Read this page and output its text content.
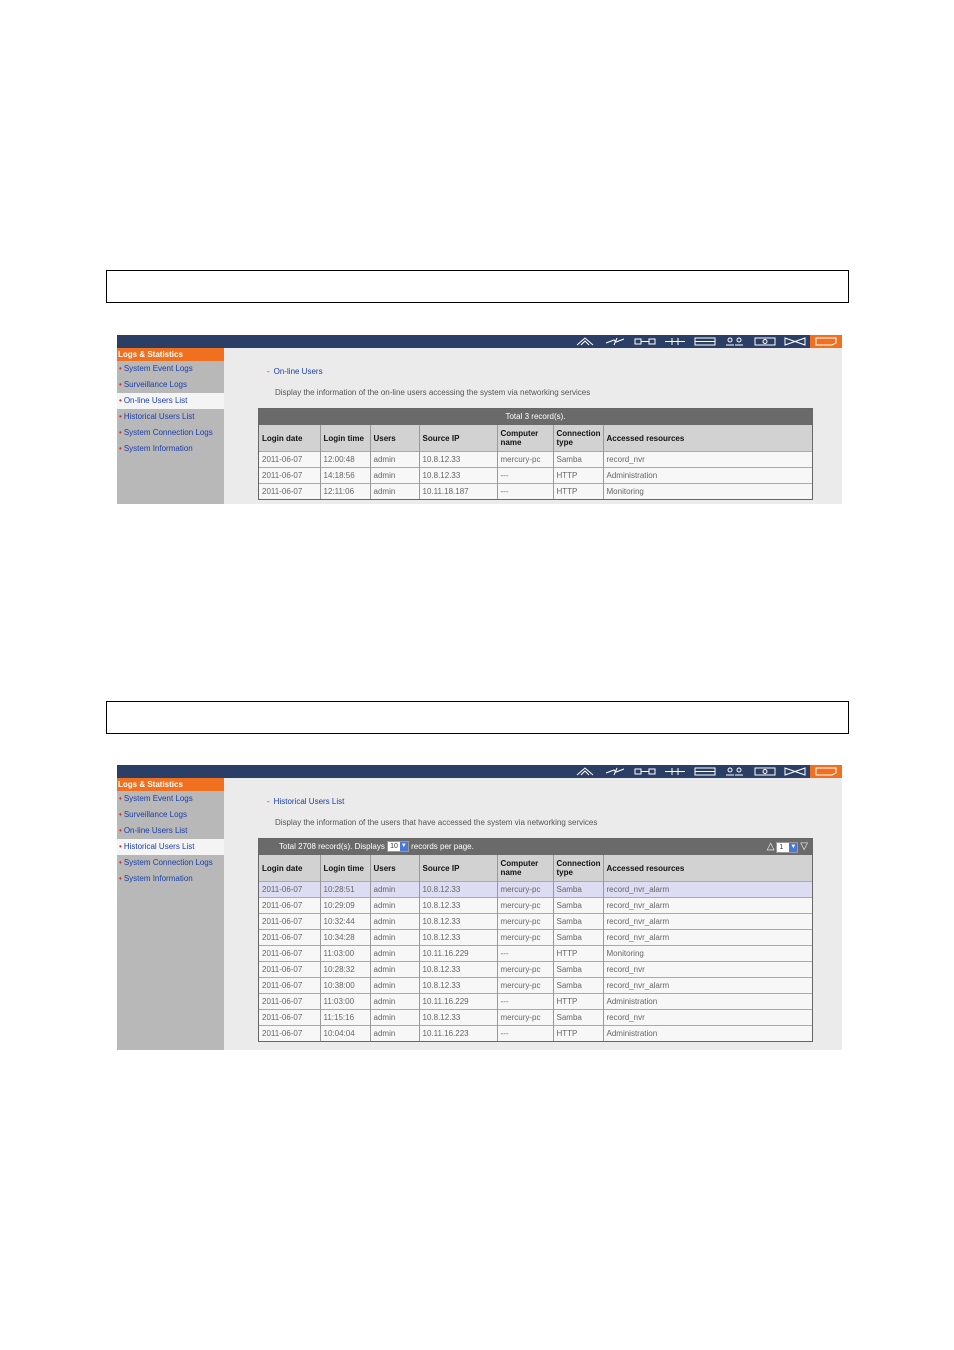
Logs & Statistics
• System Event Logs
• Surveillance Logs
• On-line Users List
• Historical Users List
• System Connection Logs
• System Information
- On-line Users
Display the information of the on-line users accessing the system via networking services
Total 3 record(s).
Login date	Login time	Users	Source IP	Computer name	Connection type	Accessed resources
2011-06-07	12:00:48	admin	10.8.12.33	mercury-pc	Samba	record_nvr
2011-06-07	14:18:56	admin	10.8.12.33	---	HTTP	Administration
2011-06-07	12:11:06	admin	10.11.18.187	---	HTTP	Monitoring
Logs & Statistics
• System Event Logs
• Surveillance Logs
• On-line Users List
• Historical Users List
• System Connection Logs
• System Information
- Historical Users List
Display the information of the users that have accessed the system via networking services
Total 2708 record(s). Displays 10 ▼ records per page.	△ 1	▼ ▽
Login date	Login time	Users	Source IP	Computer name	Connection type	Accessed resources
2011-06-07	10:28:51	admin	10.8.12.33	mercury-pc	Samba	record_nvr_alarm
2011-06-07	10:29:09	admin	10.8.12.33	mercury-pc	Samba	record_nvr_alarm
2011-06-07	10:32:44	admin	10.8.12.33	mercury-pc	Samba	record_nvr_alarm
2011-06-07	10:34:28	admin	10.8.12.33	mercury-pc	Samba	record_nvr_alarm
2011-06-07	11:03:00	admin	10.11.16.229	---	HTTP	Monitoring
2011-06-07	10:28:32	admin	10.8.12.33	mercury-pc	Samba	record_nvr
2011-06-07	10:38:00	admin	10.8.12.33	mercury-pc	Samba	record_nvr_alarm
2011-06-07	11:03:00	admin	10.11.16.229	---	HTTP	Administration
2011-06-07	11:15:16	admin	10.8.12.33	mercury-pc	Samba	record_nvr
2011-06-07	10:04:04	admin	10.11.16.223	---	HTTP	Administration
